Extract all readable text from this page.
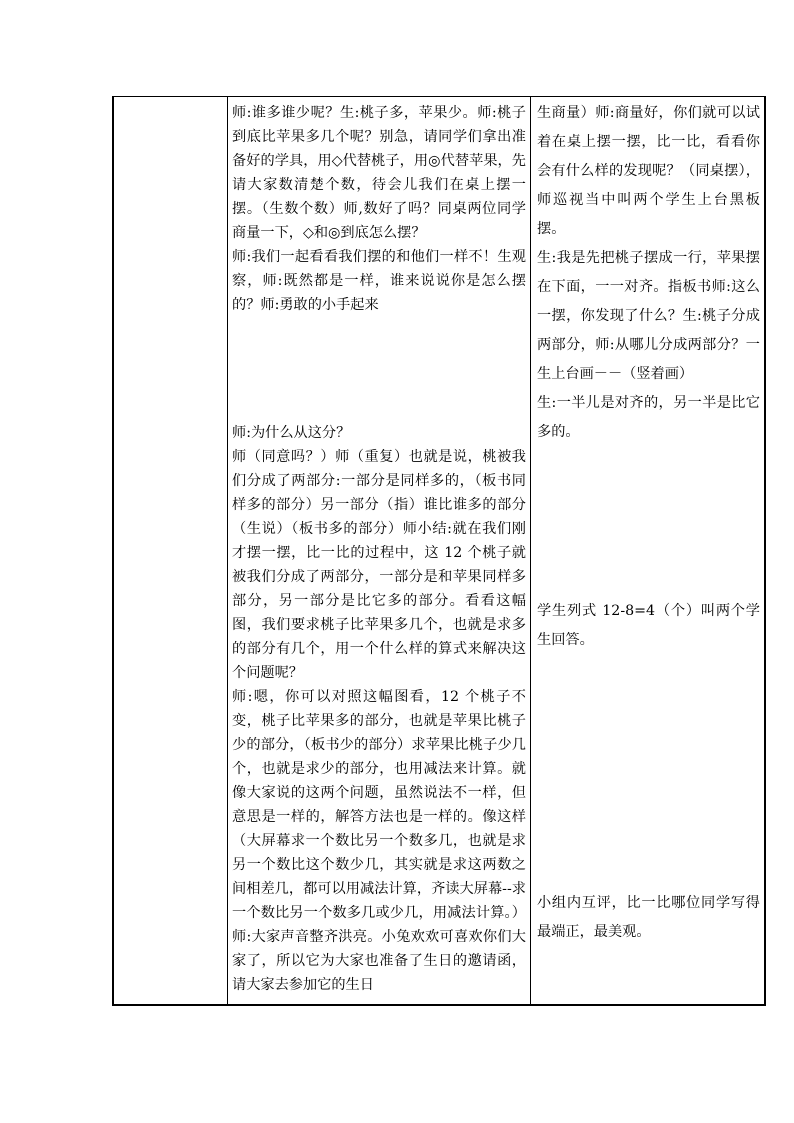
师:谁多谁少呢？生:桃子多，苹果少。师:桃子到底比苹果多几个呢？别急，请同学们拿出准备好的学具，用◇代替桃子，用◎代替苹果，先请大家数清楚个数，待会儿我们在桌上摆一摆。（生数个数）师,数好了吗？同桌两位同学商量一下，◇和◎到底怎么摆？

师:我们一起看看我们摆的和他们一样不！生观察，师:既然都是一样，谁来说说你是怎么摆的？师:勇敢的小手起来

师:为什么从这分？

师（同意吗？）师（重复）也就是说，桃被我们分成了两部分:一部分是同样多的，（板书同样多的部分）另一部分（指）谁比谁多的部分（生说）（板书多的部分）师小结:就在我们刚才摆一摆，比一比的过程中，这 12 个桃子就被我们分成了两部分，一部分是和苹果同样多部分，另一部分是比它多的部分。看看这幅图，我们要求桃子比苹果多几个，也就是求多的部分有几个，用一个什么样的算式来解决这个问题呢？

师:嗯，你可以对照这幅图看，12 个桃子不变，桃子比苹果多的部分，也就是苹果比桃子少的部分，（板书少的部分）求苹果比桃子少几个，也就是求少的部分，也用减法来计算。就像大家说的这两个问题，虽然说法不一样，但意思是一样的，解答方法也是一样的。像这样（大屏幕求一个数比另一个数多几，也就是求另一个数比这个数少几，其实就是求这两数之间相差几，都可以用减法计算，齐读大屏幕--求一个数比另一个数多几或少几，用减法计算。）师:大家声音整齐洪亮。小兔欢欢可喜欢你们大家了，所以它为大家也准备了生日的邀请函，请大家去参加它的生日

生商量）师:商量好，你们就可以试着在桌上摆一摆，比一比，看看你会有什么样的发现呢？（同桌摆），师巡视当中叫两个学生上台黑板摆。

生:我是先把桃子摆成一行，苹果摆在下面，一一对齐。指板书师:这么一摆，你发现了什么？生:桃子分成两部分，师:从哪儿分成两部分？一生上台画－－（竖着画）

生:一半儿是对齐的，另一半是比它多的。

学生列式 12-8=4（个）叫两个学生回答。

小组内互评，比一比哪位同学写得最端正，最美观。
